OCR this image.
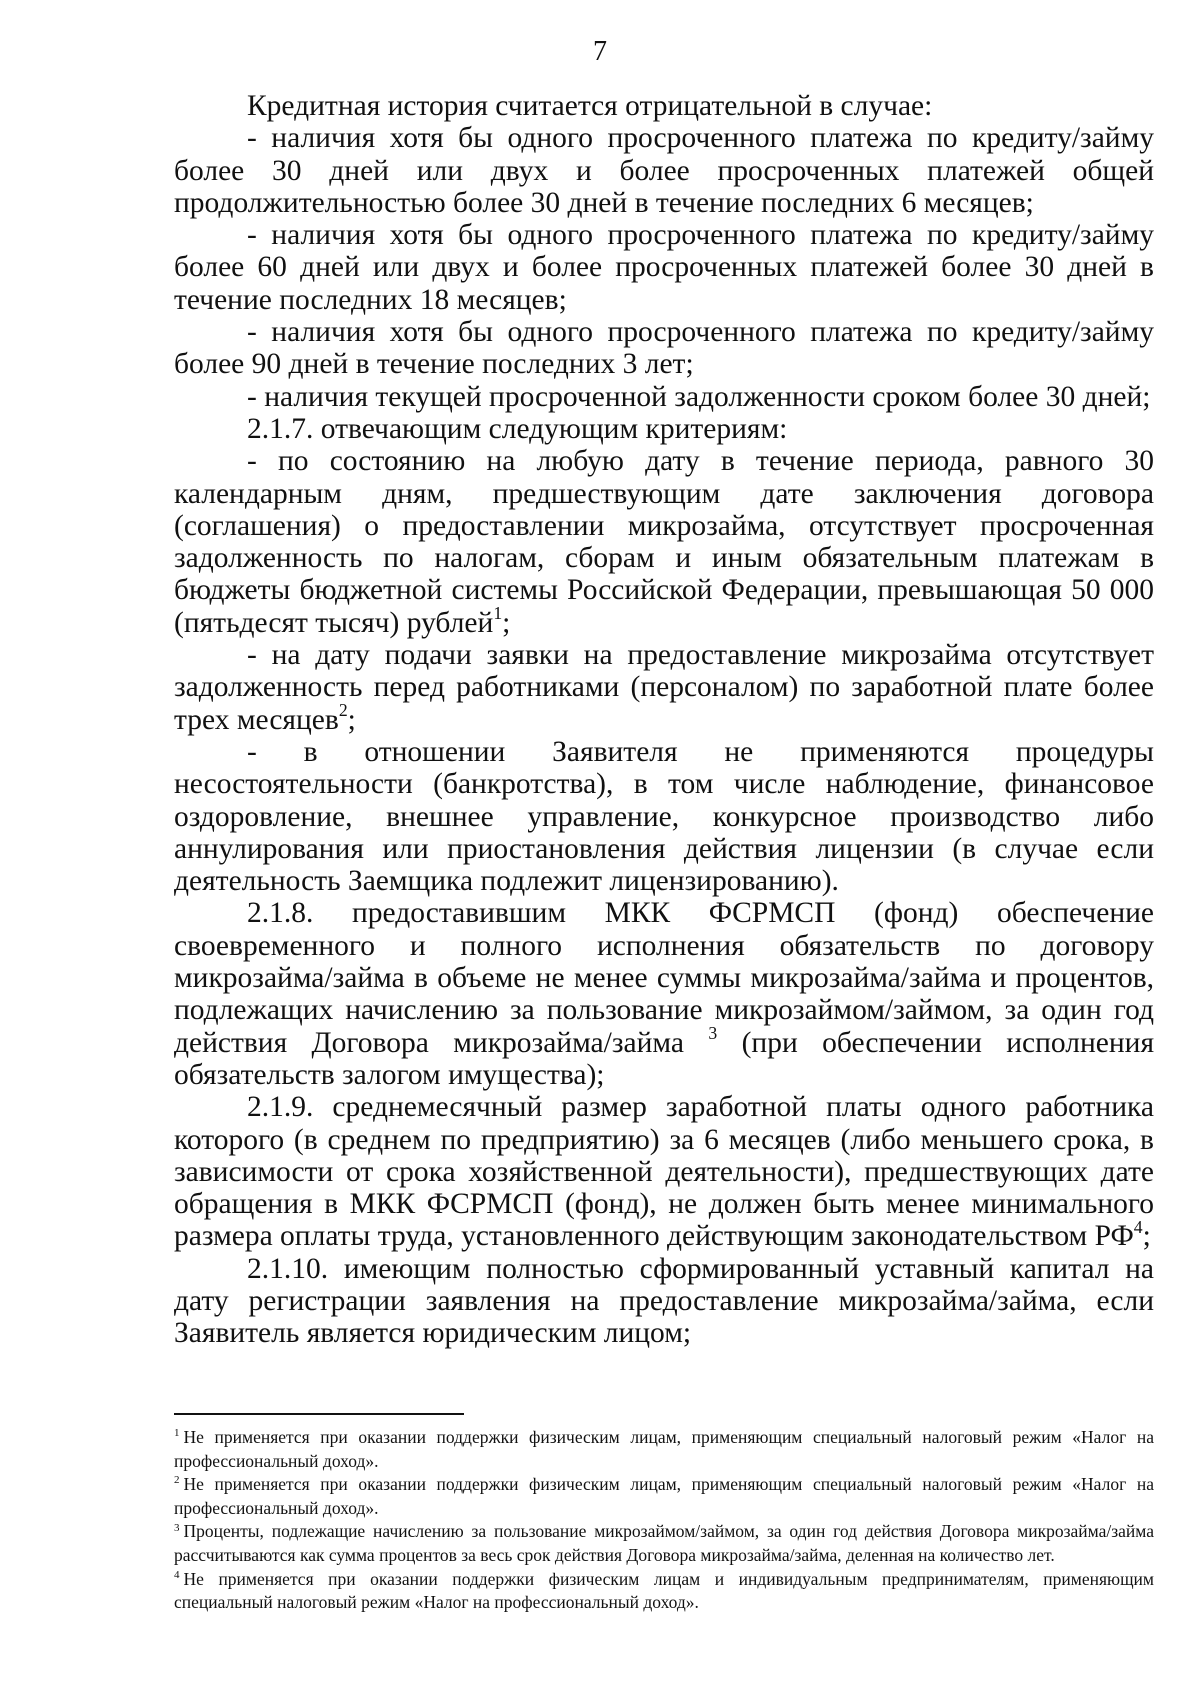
7

Кредитная история считается отрицательной в случае:

- наличия хотя бы одного просроченного платежа по кредиту/займу более 30 дней или двух и более просроченных платежей общей продолжительностью более 30 дней в течение последних 6 месяцев;

- наличия хотя бы одного просроченного платежа по кредиту/займу более 60 дней или двух и более просроченных платежей более 30 дней в течение последних 18 месяцев;

- наличия хотя бы одного просроченного платежа по кредиту/займу более 90 дней в течение последних 3 лет;

- наличия текущей просроченной задолженности сроком более 30 дней;

2.1.7. отвечающим следующим критериям:

- по состоянию на любую дату в течение периода, равного 30 календарным дням, предшествующим дате заключения договора (соглашения) о предоставлении микрозайма, отсутствует просроченная задолженность по налогам, сборам и иным обязательным платежам в бюджеты бюджетной системы Российской Федерации, превышающая 50 000 (пятьдесят тысяч) рублей$^1$;

- на дату подачи заявки на предоставление микрозайма отсутствует задолженность перед работниками (персоналом) по заработной плате более трех месяцев$^2$;

- в отношении Заявителя не применяются процедуры несостоятельности (банкротства), в том числе наблюдение, финансовое оздоровление, внешнее управление, конкурсное производство либо аннулирования или приостановления действия лицензии (в случае если деятельность Заемщика подлежит лицензированию).

2.1.8. предоставившим МКК ФСРМСП (фонд) обеспечение своевременного и полного исполнения обязательств по договору микрозайма/займа в объеме не менее суммы микрозайма/займа и процентов, подлежащих начислению за пользование микрозаймом/займом, за один год действия Договора микрозайма/займа $^3$ (при обеспечении исполнения обязательств залогом имущества);

2.1.9. среднемесячный размер заработной платы одного работника которого (в среднем по предприятию) за 6 месяцев (либо меньшего срока, в зависимости от срока хозяйственной деятельности), предшествующих дате обращения в МКК ФСРМСП (фонд), не должен быть менее минимального размера оплаты труда, установленного действующим законодательством $РФ^4$;

2.1.10. имеющим полностью сформированный уставный капитал на дату регистрации заявления на предоставление микрозайма/займа, если Заявитель является юридическим лицом;

$^1$ Не применяется при оказании поддержки физическим лицам, применяющим специальный налоговый режим «Налог на профессиональный доход».

$^2$ Не применяется при оказании поддержки физическим лицам, применяющим специальный налоговый режим «Налог на профессиональный доход».

$^3$ Проценты, подлежащие начислению за пользование микрозаймом/займом, за один год действия Договора микрозайма/займа рассчитываются как сумма процентов за весь срок действия Договора микрозайма/займа, деленная на количество лет.

$^4$ Не применяется при оказании поддержки физическим лицам и индивидуальным предпринимателям, применяющим специальный налоговый режим «Налог на профессиональный доход».
